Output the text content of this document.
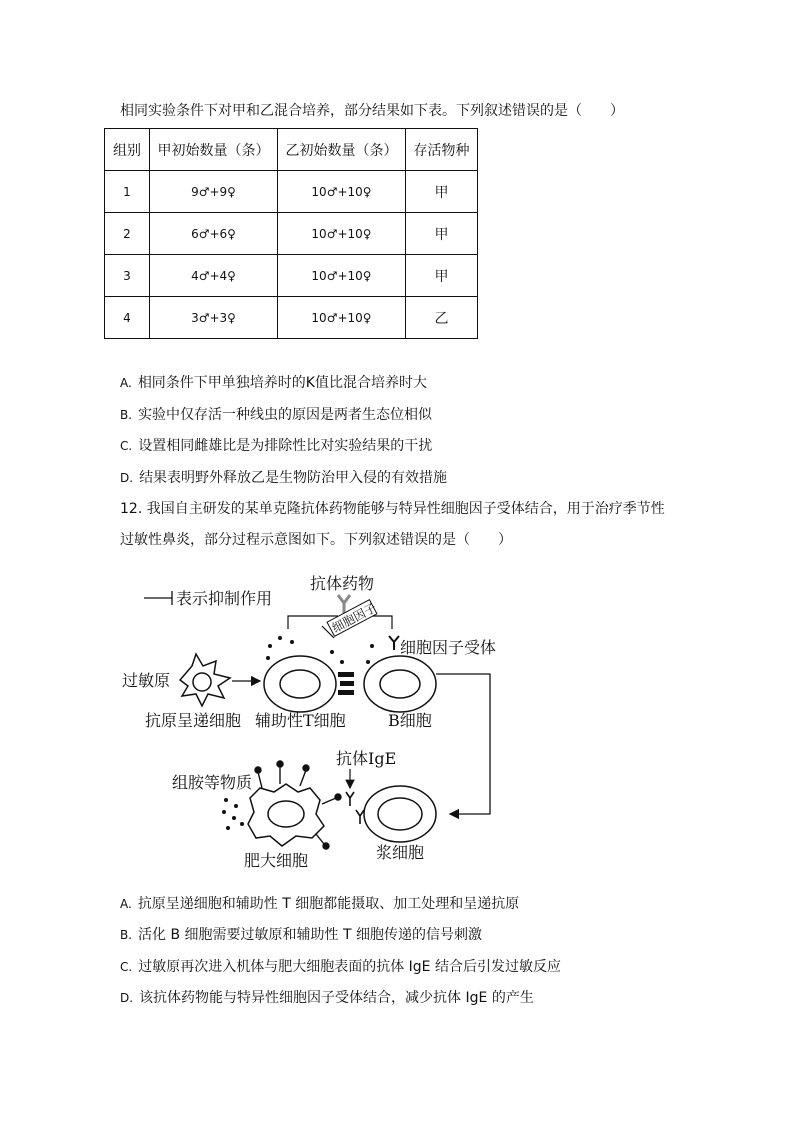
相同实验条件下对甲和乙混合培养，部分结果如下表。下列叙述错误的是（　　）
组别	甲初始数量（条）	乙初始数量（条）	存活物种
1	9♂+9♀	10♂+10♀	甲
2	6♂+6♀	10♂+10♀	甲
3	4♂+4♀	10♂+10♀	甲
4	3♂+3♀	10♂+10♀	乙
A. 相同条件下甲单独培养时的K值比混合培养时大
B. 实验中仅存活一种线虫的原因是两者生态位相似
C. 设置相同雌雄比是为排除性比对实验结果的干扰
D. 结果表明野外释放乙是生物防治甲入侵的有效措施
12. 我国自主研发的某单克隆抗体药物能够与特异性细胞因子受体结合，用于治疗季节性
过敏性鼻炎，部分过程示意图如下。下列叙述错误的是（　　）
表示抑制作用
抗体药物
细胞因子
细胞因子受体
过敏原
抗原呈递细胞 辅助性T细胞	B细胞
抗体IgE
浆细胞
组胺等物质
肥大细胞
A. 抗原呈递细胞和辅助性 T 细胞都能摄取、加工处理和呈递抗原
B. 活化 B 细胞需要过敏原和辅助性 T 细胞传递的信号刺激
C. 过敏原再次进入机体与肥大细胞表面的抗体 IgE 结合后引发过敏反应
D. 该抗体药物能与特异性细胞因子受体结合，减少抗体 IgE 的产生
